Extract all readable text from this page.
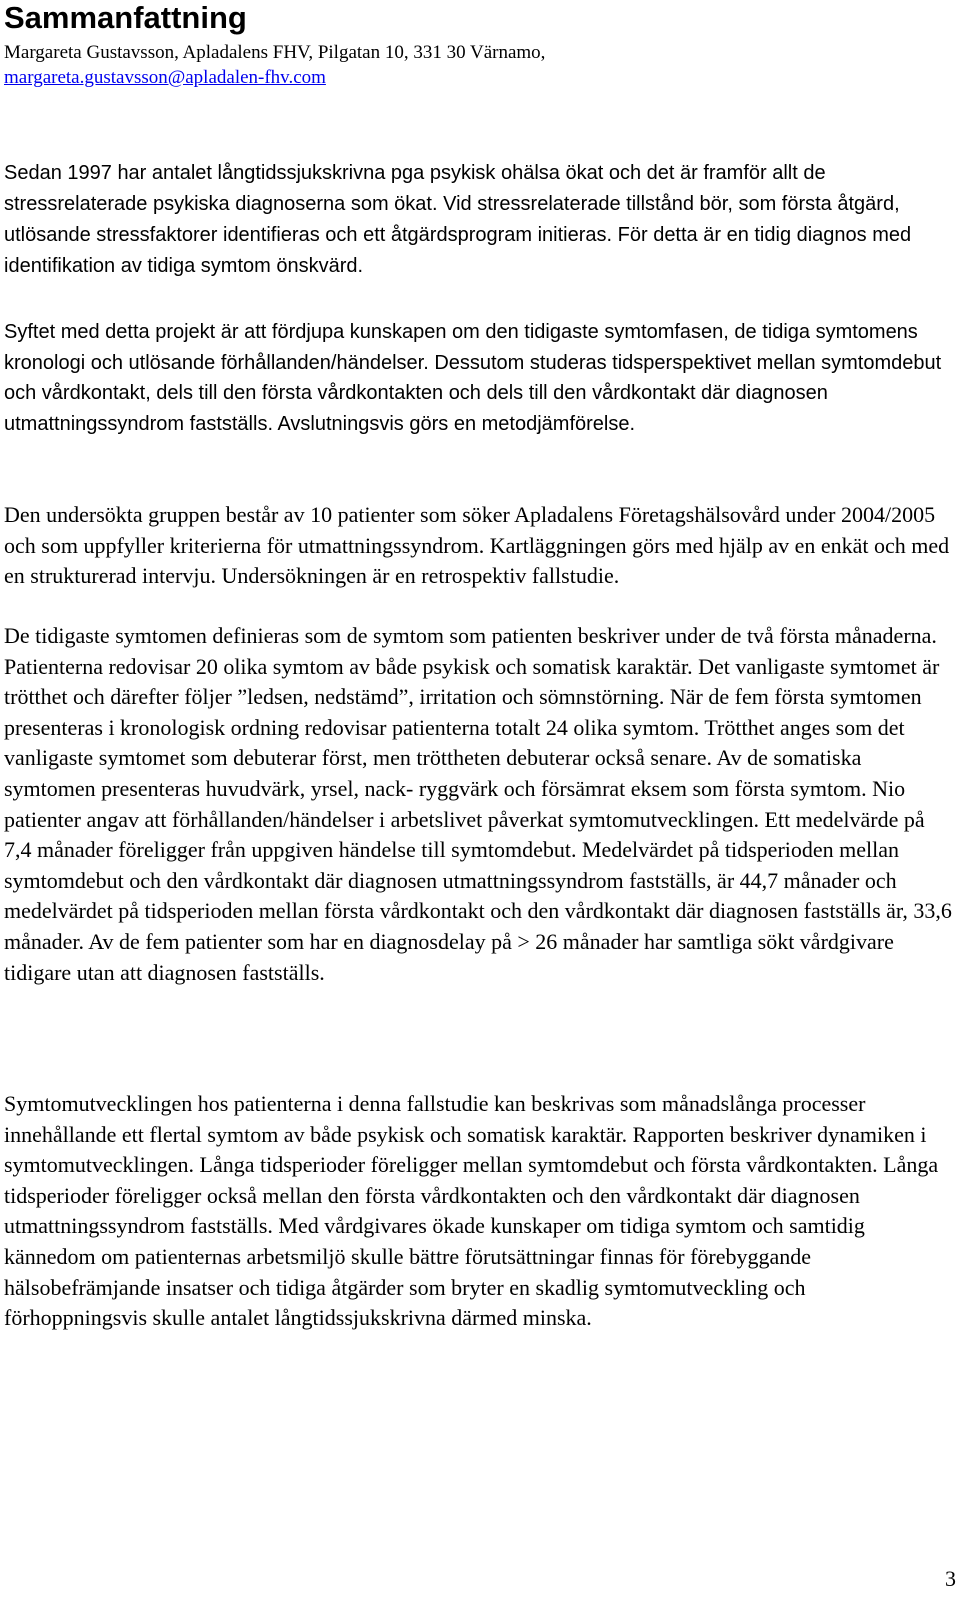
Sammanfattning

Margareta Gustavsson, Apladalens FHV, Pilgatan 10, 331 30 Värnamo,
margareta.gustavsson@apladalen-fhv.com

Sedan 1997 har antalet långtidssjukskrivna pga psykisk ohälsa ökat och det är framför allt de stressrelaterade psykiska diagnoserna som ökat. Vid stressrelaterade tillstånd bör, som första åtgärd, utlösande stressfaktorer identifieras och ett åtgärdsprogram initieras. För detta är en tidig diagnos med identifikation av tidiga symtom önskvärd.

Syftet med detta projekt är att fördjupa kunskapen om den tidigaste symtomfasen, de tidiga symtomens kronologi och utlösande förhållanden/händelser. Dessutom studeras tidsperspektivet mellan symtomdebut och vårdkontakt, dels till den första vårdkontakten och dels till den vårdkontakt där diagnosen utmattningssyndrom fastställs. Avslutningsvis görs en metodjämförelse.

Den undersökta gruppen består av 10 patienter som söker Apladalens Företagshälsovård under 2004/2005 och som uppfyller kriterierna för utmattningssyndrom. Kartläggningen görs med hjälp av en enkät och med en strukturerad intervju. Undersökningen är en retrospektiv fallstudie.

De tidigaste symtomen definieras som de symtom som patienten beskriver under de två första månaderna. Patienterna redovisar 20 olika symtom av både psykisk och somatisk karaktär. Det vanligaste symtomet är trötthet och därefter följer ”ledsen, nedstämd”, irritation och sömnstörning. När de fem första symtomen presenteras i kronologisk ordning redovisar patienterna totalt 24 olika symtom. Trötthet anges som det vanligaste symtomet som debuterar först, men tröttheten debuterar också senare. Av de somatiska symtomen presenteras huvudvärk, yrsel, nack- ryggvärk och försämrat eksem som första symtom. Nio patienter angav att förhållanden/händelser i arbetslivet påverkat symtomutvecklingen. Ett medelvärde på 7,4 månader föreligger från uppgiven händelse till symtomdebut. Medelvärdet på tidsperioden mellan symtomdebut och den vårdkontakt där diagnosen utmattningssyndrom fastställs, är 44,7 månader och medelvärdet på tidsperioden mellan första vårdkontakt och den vårdkontakt där diagnosen fastställs är, 33,6 månader. Av de fem patienter som har en diagnosdelay på > 26 månader har samtliga sökt vårdgivare tidigare utan att diagnosen fastställs.

Symtomutvecklingen hos patienterna i denna fallstudie kan beskrivas som månadslånga processer innehållande ett flertal symtom av både psykisk och somatisk karaktär. Rapporten beskriver dynamiken i symtomutvecklingen. Långa tidsperioder föreligger mellan symtomdebut och första vårdkontakten. Långa tidsperioder föreligger också mellan den första vårdkontakten och den vårdkontakt där diagnosen utmattningssyndrom fastställs. Med vårdgivares ökade kunskaper om tidiga symtom och samtidig kännedom om patienternas arbetsmiljö skulle bättre förutsättningar finnas för förebyggande hälsobefrämjande insatser och tidiga åtgärder som bryter en skadlig symtomutveckling och förhoppningsvis skulle antalet långtidssjukskrivna därmed minska.

3
